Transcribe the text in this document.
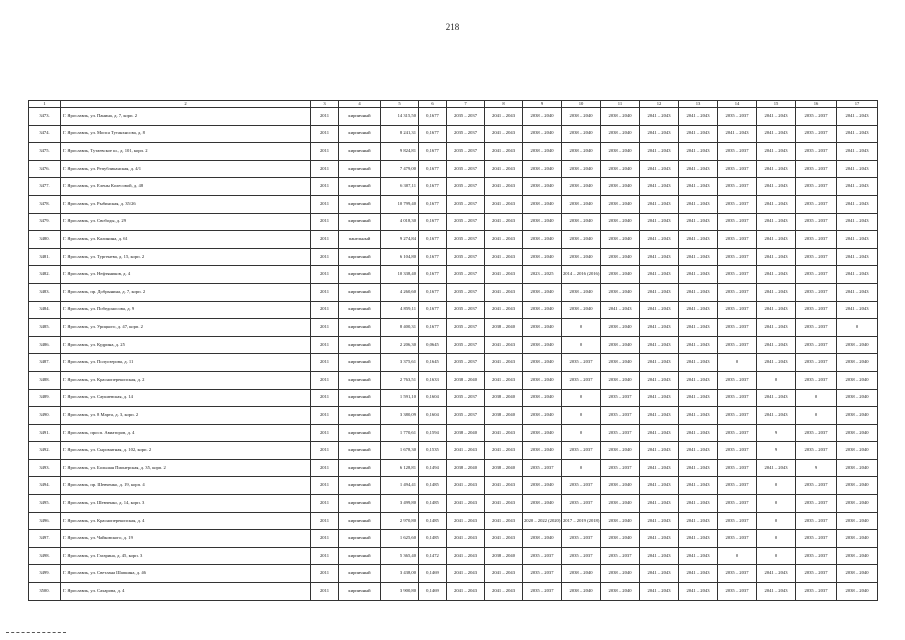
218
1	2	3	4	5	6	7	8	9	10	11	12	13	14	15	16	17
3473.	Г. Ярославль, ул. Панина, д. 7, корп. 2	2011	кирпичный	14 315,50	0,1677	2035 – 2037	2041 – 2043	2038 – 2040	2038 – 2040	2038 – 2040	2041 – 2043	2041 – 2043	2035 – 2037	2041 – 2043	2035 – 2037	2041 – 2043
3474.	Г. Ярославль, ул. Мопса Тутанхнсова, д. 8	2011	кирпичный	8 241,31	0,1677	2035 – 2037	2041 – 2043	2038 – 2040	2038 – 2040	2038 – 2040	2041 – 2043	2041 – 2043	2041 – 2043	2041 – 2043	2035 – 2037	2041 – 2043
3475.	Г. Ярославль, Тутаевское ш., д. 101, корп. 2	2011	кирпичный	9 824,81	0,1677	2035 – 2037	2041 – 2043	2038 – 2040	2038 – 2040	2038 – 2040	2041 – 2043	2041 – 2043	2035 – 2037	2041 – 2043	2035 – 2037	2041 – 2043
3476.	Г. Ярославль, ул. Републиканская, д. 4/1	2011	кирпичный	7 479,00	0,1677	2035 – 2037	2041 – 2043	2038 – 2040	2038 – 2040	2038 – 2040	2041 – 2043	2041 – 2043	2035 – 2037	2041 – 2043	2035 – 2037	2041 – 2043
3477.	Г. Ярославль, ул. Елены Колесовой, д. 48	2011	кирпичный	6 307,11	0,1677	2035 – 2037	2041 – 2043	2038 – 2040	2038 – 2040	2038 – 2040	2041 – 2043	2041 – 2043	2035 – 2037	2041 – 2043	2035 – 2037	2041 – 2043
3478.	Г. Ярославль, ул. Рыбинская, д. 35/26	2011	кирпичный	10 799,40	0,1677	2035 – 2037	2041 – 2043	2038 – 2040	2038 – 2040	2038 – 2040	2041 – 2043	2041 – 2043	2035 – 2037	2041 – 2043	2035 – 2037	2041 – 2043
3479.	Г. Ярославль, ул. Свободы, д. 29	2011	кирпичный	4 018,30	0,1677	2035 – 2037	2041 – 2043	2038 – 2040	2038 – 2040	2038 – 2040	2041 – 2043	2041 – 2043	2035 – 2037	2041 – 2043	2035 – 2037	2041 – 2043
3480.	Г. Ярославль, ул. Калинина, д. 61	2011	панельный	9 274,84	0,1677	2035 – 2037	2041 – 2043	2038 – 2040	2038 – 2040	2038 – 2040	2041 – 2043	2041 – 2043	2035 – 2037	2041 – 2043	2035 – 2037	2041 – 2043
3481.	Г. Ярославль, ул. Тургенева, д. 15, корп. 2	2011	кирпичный	6 104,80	0,1677	2035 – 2037	2041 – 2043	2038 – 2040	2038 – 2040	2038 – 2040	2041 – 2043	2041 – 2043	2035 – 2037	2041 – 2043	2035 – 2037	2041 – 2043
3482.	Г. Ярославль, ул. Нефтяников, д. 4	2011	кирпичный	10 338,40	0,1677	2035 – 2037	2041 – 2043	2023 – 2025	2014 – 2016 (2016)	2038 – 2040	2041 – 2043	2041 – 2043	2035 – 2037	2041 – 2043	2035 – 2037	2041 – 2043
3483.	Г. Ярославль, пр. Добрынина, д. 7, корп. 2	2011	кирпичный	4 260,60	0,1677	2035 – 2037	2041 – 2043	2038 – 2040	2038 – 2040	2038 – 2040	2041 – 2043	2041 – 2043	2035 – 2037	2041 – 2043	2035 – 2037	2041 – 2043
3484.	Г. Ярославль, ул. Победоносова, д. 9	2011	кирпичный	4 859,11	0,1677	2035 – 2037	2041 – 2043	2038 – 2040	2038 – 2040	2041 – 2043	2041 – 2043	2041 – 2043	2035 – 2037	2041 – 2043	2035 – 2037	2041 – 2043
3485.	Г. Ярославль, ул. Урицкого, д. 47, корп. 2	2011	кирпичный	8 400,31	0,1677	2035 – 2037	2038 – 2040	2038 – 2040	0	2038 – 2040	2041 – 2043	2041 – 2043	2035 – 2037	2041 – 2043	2035 – 2037	0
3486.	Г. Ярославль, ул. Кудрина, д. 25	2011	кирпичный	2 206,30	0,0645	2035 – 2037	2041 – 2043	2038 – 2040	0	2038 – 2040	2041 – 2043	2041 – 2043	2035 – 2037	2041 – 2043	2035 – 2037	2038 – 2040
3487.	Г. Ярославль, ул. Полуозерова, д. 11	2011	кирпичный	3 375,61	0,1645	2035 – 2037	2041 – 2043	2038 – 2040	2035 – 2037	2038 – 2040	2041 – 2043	2041 – 2043	0	2041 – 2043	2035 – 2037	2038 – 2040
3488.	Г. Ярославль, ул. Красноперекопская, д. 2	2011	кирпичный	2 763,51	0,1633	2038 – 2040	2041 – 2043	2038 – 2040	2035 – 2037	2038 – 2040	2041 – 2043	2041 – 2043	2035 – 2037	0	2035 – 2037	2038 – 2040
3489.	Г. Ярославль, ул. Саукиевская, д. 14	2011	кирпичный	1 591,10	0,1604	2035 – 2037	2038 – 2040	2038 – 2040	0	2035 – 2037	2041 – 2043	2041 – 2043	2035 – 2037	2041 – 2043	0	2038 – 2040
3490.	Г. Ярославль, ул. 8 Марта, д. 3, корп. 2	2011	кирпичный	3 380,09	0,1604	2035 – 2037	2038 – 2040	2038 – 2040	0	2035 – 2037	2041 – 2043	2041 – 2043	2035 – 2037	2041 – 2043	0	2038 – 2040
3491.	Г. Ярославль, просп. Авиаторов, д. 4	2011	кирпичный	1 770,61	0,1594	2038 – 2040	2041 – 2043	2038 – 2040	0	2035 – 2037	2041 – 2043	2041 – 2043	2035 – 2037	9	2035 – 2037	2038 – 2040
3492.	Г. Ярославль, ул. Сыромятная, д. 102, корп. 2	2011	кирпичный	1 678,30	0,1535	2041 – 2043	2041 – 2043	2038 – 2040	2035 – 2037	2038 – 2040	2041 – 2043	2041 – 2043	2035 – 2037	9	2035 – 2037	2038 – 2040
3493.	Г. Ярославль, ул. Большая Пионерская, д. 35, корп. 2	2011	кирпичный	6 128,81	0,1494	2038 – 2040	2038 – 2040	2035 – 2037	0	2035 – 2037	2041 – 2043	2041 – 2043	2035 – 2037	2041 – 2043	9	2038 – 2040
3494.	Г. Ярославль, пр. Шевченко, д. 19, корп. 4	2011	кирпичный	1 494,41	0,1485	2041 – 2043	2041 – 2043	2038 – 2040	2035 – 2037	2038 – 2040	2041 – 2043	2041 – 2043	2035 – 2037	0	2035 – 2037	2038 – 2040
3495.	Г. Ярославль, ул. Шевченко, д. 14, корп. 3	2011	кирпичный	3 499,80	0,1485	2041 – 2043	2041 – 2043	2038 – 2040	2035 – 2037	2038 – 2040	2041 – 2043	2041 – 2043	2035 – 2037	0	2035 – 2037	2038 – 2040
3496.	Г. Ярославль, ул. Красноперекопская, д. 4	2011	кирпичный	2 970,80	0,1485	2041 – 2043	2041 – 2043	2020 – 2022 (2020)	2017 – 2019 (2018)	2038 – 2040	2041 – 2043	2041 – 2043	2035 – 2037	0	2035 – 2037	2038 – 2040
3497.	Г. Ярославль, ул. Чайковского, д. 19	2011	кирпичный	1 625,60	0,1485	2041 – 2043	2041 – 2043	2038 – 2040	2035 – 2037	2038 – 2040	2041 – 2043	2041 – 2043	2035 – 2037	0	2035 – 2037	2038 – 2040
3498.	Г. Ярославль, ул. Гагарина, д. 45, корп. 3	2011	кирпичный	5 365,40	0,1472	2041 – 2043	2038 – 2040	2035 – 2037	2035 – 2037	2035 – 2037	2041 – 2043	2041 – 2043	0	0	2035 – 2037	2038 – 2040
3499.	Г. Ярославль, ул. Светлана Шапкина, д. 46	2011	кирпичный	3 438,00	0,1469	2041 – 2043	2041 – 2043	2035 – 2037	2038 – 2040	2038 – 2040	2041 – 2043	2041 – 2043	2035 – 2037	2041 – 2043	2035 – 2037	2038 – 2040
3500.	Г. Ярославль, ул. Сахарова, д. 4	2011	кирпичный	3 900,80	0,1469	2041 – 2043	2041 – 2043	2035 – 2037	2038 – 2040	2038 – 2040	2041 – 2043	2041 – 2043	2035 – 2037	2041 – 2043	2035 – 2037	2038 – 2040
